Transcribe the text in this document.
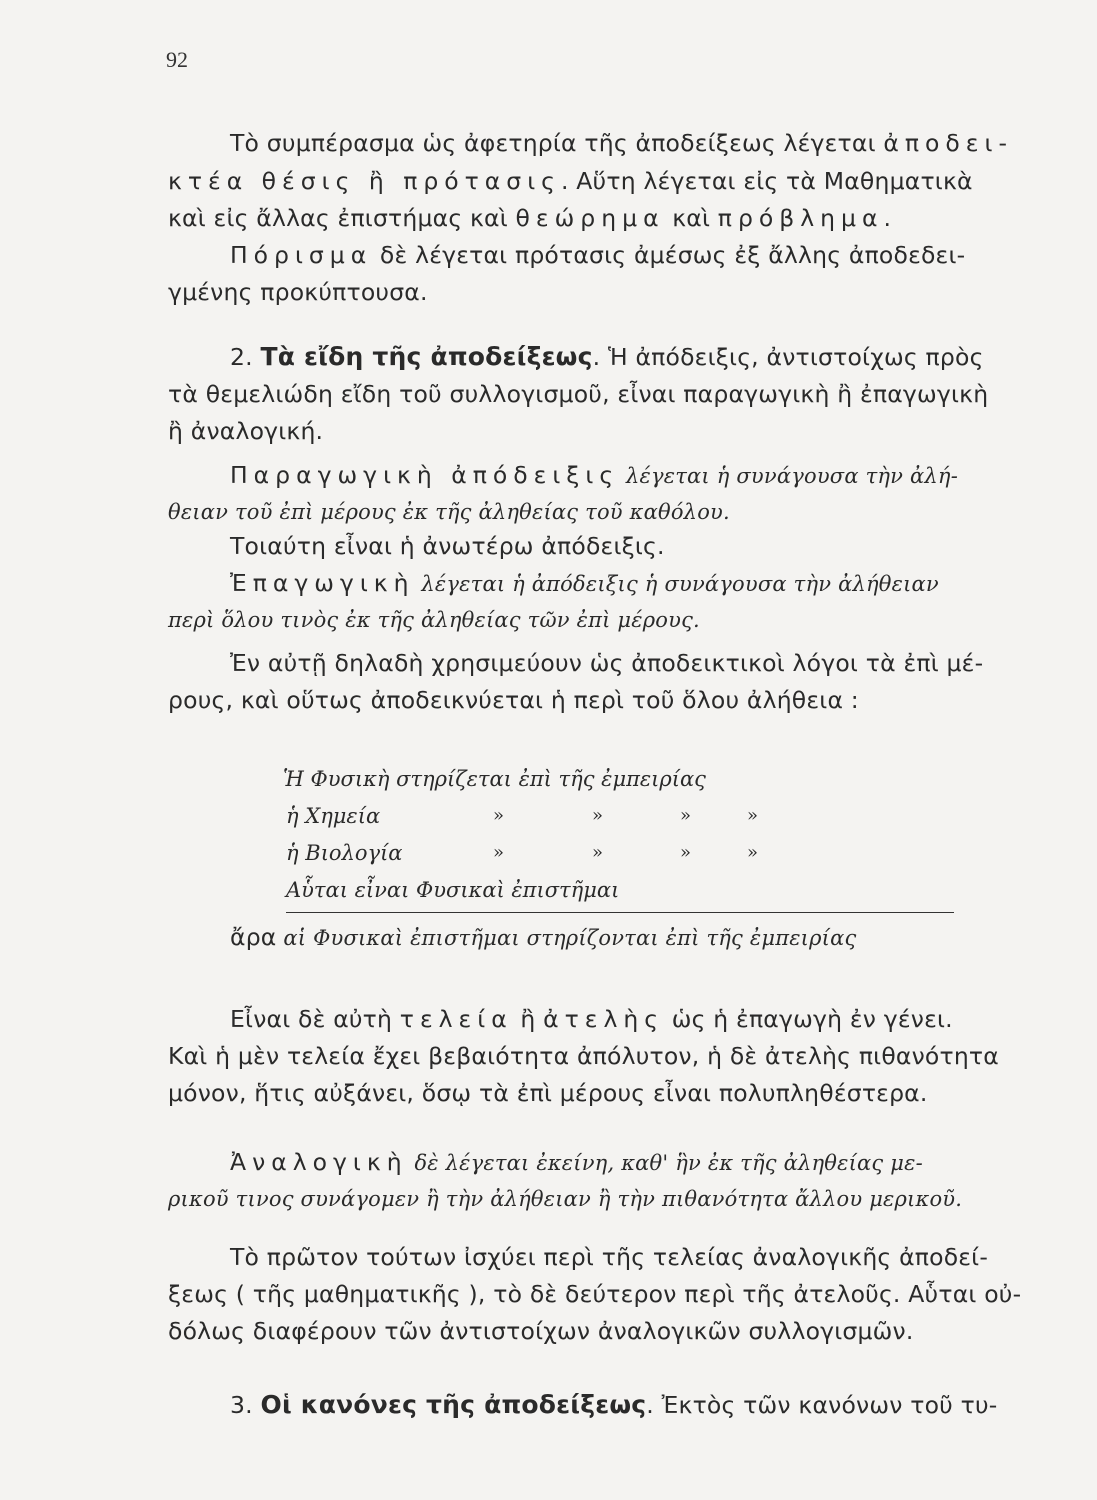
92
Τὸ συμπέρασμα ὡς ἀφετηρία τῆς ἀποδείξεως λέγεται ἀποδει-
κτέα θέσις ἢ πρότασις. Αὕτη λέγεται εἰς τὰ Μαθηματικὰ
καὶ εἰς ἄλλας ἐπιστήμας καὶ θεώρημα καὶ πρόβλημα.
Πόρισμα δὲ λέγεται πρότασις ἀμέσως ἐξ ἄλλης ἀποδεδει-
γμένης προκύπτουσα.
2. Τὰ εἴδη τῆς ἀποδείξεως. Ἡ ἀπόδειξις, ἀντιστοίχως πρὸς
τὰ θεμελιώδη εἴδη τοῦ συλλογισμοῦ, εἶναι παραγωγικὴ ἢ ἐπαγωγικὴ
ἢ ἀναλογική.
Παραγωγικὴ ἀπόδειξις λέγεται ἡ συνάγουσα τὴν ἀλή-
θειαν τοῦ ἐπὶ μέρους ἐκ τῆς ἀληθείας τοῦ καθόλου.
Τοιαύτη εἶναι ἡ ἀνωτέρω ἀπόδειξις.
Ἐπαγωγικὴ λέγεται ἡ ἀπόδειξις ἡ συνάγουσα τὴν ἀλήθειαν
περὶ ὅλου τινὸς ἐκ τῆς ἀληθείας τῶν ἐπὶ μέρους.
Ἐν αὐτῇ δηλαδὴ χρησιμεύουν ὡς ἀποδεικτικοὶ λόγοι τὰ ἐπὶ μέ-
ρους, καὶ οὕτως ἀποδεικνύεται ἡ περὶ τοῦ ὅλου ἀλήθεια :
Ἡ Φυσικὴ στηρίζεται ἐπὶ τῆς ἐμπειρίας
ἡ Χημεία	»	»	»	»
ἡ Βιολογία	»	»	»	»
Αὗται εἶναι Φυσικαὶ ἐπιστῆμαι
ἄρα αἱ Φυσικαὶ ἐπιστῆμαι στηρίζονται ἐπὶ τῆς ἐμπειρίας
Εἶναι δὲ αὐτὴ τελεία ἢ ἀτελὴς ὡς ἡ ἐπαγωγὴ ἐν γένει.
Καὶ ἡ μὲν τελεία ἔχει βεβαιότητα ἀπόλυτον, ἡ δὲ ἀτελὴς πιθανότητα
μόνον, ἥτις αὐξάνει, ὅσῳ τὰ ἐπὶ μέρους εἶναι πολυπληθέστερα.
Ἀναλογικὴ δὲ λέγεται ἐκείνη, καθ' ἣν ἐκ τῆς ἀληθείας με-
ρικοῦ τινος συνάγομεν ἢ τὴν ἀλήθειαν ἢ τὴν πιθανότητα ἄλλου μερικοῦ.
Τὸ πρῶτον τούτων ἰσχύει περὶ τῆς τελείας ἀναλογικῆς ἀποδεί-
ξεως ( τῆς μαθηματικῆς ), τὸ δὲ δεύτερον περὶ τῆς ἀτελοῦς. Αὗται οὐ-
δόλως διαφέρουν τῶν ἀντιστοίχων ἀναλογικῶν συλλογισμῶν.
3. Οἱ κανόνες τῆς ἀποδείξεως. Ἐκτὸς τῶν κανόνων τοῦ τυ-
